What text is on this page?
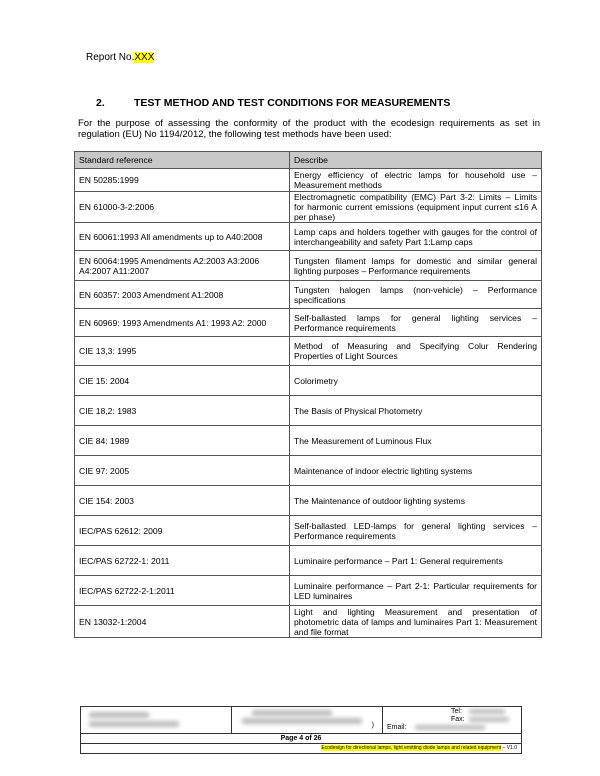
Report No.XXX
2.	TEST METHOD AND TEST CONDITIONS FOR MEASUREMENTS
For the purpose of assessing the conformity of the product with the ecodesign requirements as set in regulation (EU) No 1194/2012, the following test methods have been used:
Standard reference	Describe
EN 50285:1999	Energy efficiency of electric lamps for household use – Measurement methods
EN 61000-3-2:2006	Electromagnetic compatibility (EMC) Part 3-2: Limits – Limits for harmonic current emissions (equipment input current ≤16 A per phase)
EN 60061:1993 All amendments up to A40:2008	Lamp caps and holders together with gauges for the control of interchangeability and safety Part 1:Lamp caps
EN 60064:1995 Amendments A2:2003 A3:2006 A4:2007 A11:2007	Tungsten filament lamps for domestic and similar general lighting purposes – Performance requirements
EN 60357: 2003 Amendment A1:2008	Tungsten halogen lamps (non-vehicle) – Performance specifications
EN 60969: 1993 Amendments A1: 1993 A2: 2000	Self-ballasted lamps for general lighting services – Performance requirements
CIE 13,3: 1995	Method of Measuring and Specifying Colur Rendering Properties of Light Sources
CIE 15: 2004	Colorimetry
CIE 18,2: 1983	The Basis of Physical Photometry
CIE 84: 1989	The Measurement of Luminous Flux
CIE 97: 2005	Maintenance of indoor electric lighting systems
CIE 154: 2003	The Maintenance of outdoor lighting systems
IEC/PAS 62612: 2009	Self-ballasted LED-lamps for general lighting services – Performance requirements
IEC/PAS 62722-1: 2011	Luminaire performance – Part 1: General requirements
IEC/PAS 62722-2-1:2011	Luminaire performance – Part 2-1: Particular requirements for LED luminaires
EN 13032-1:2004	Light and lighting Measurement and presentation of photometric data of lamps and luminaires Part 1: Measurement and file format
)
Tel:
Fax:
Email:
Page 4 of 26
Ecodesign for directional lamps, light emitting diode lamps and related equipment – V1.0
